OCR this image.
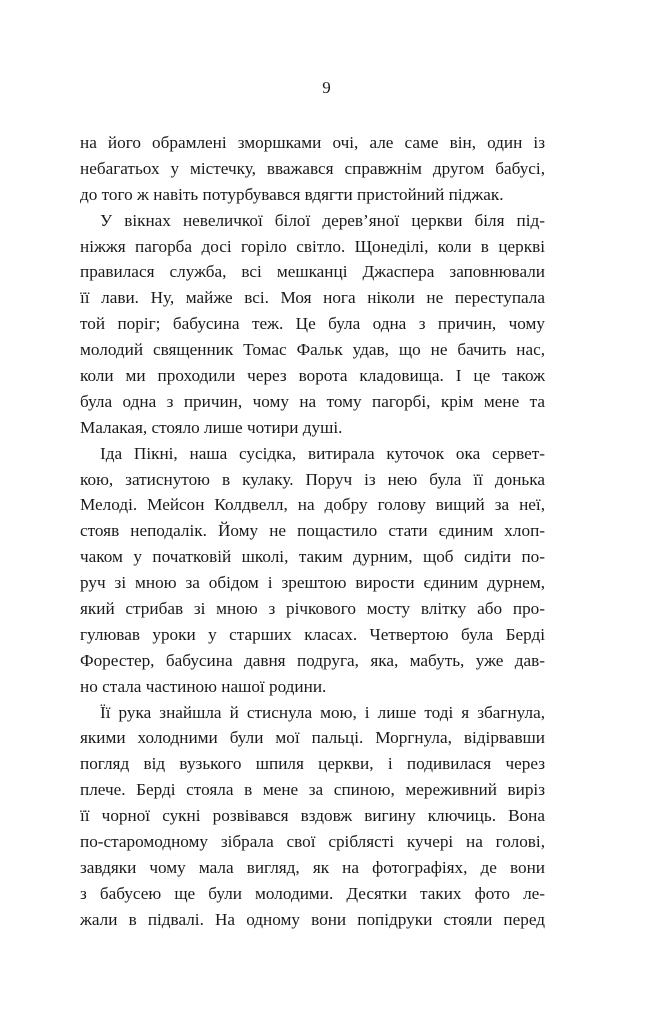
9
на його обрамлені зморшками очі, але саме він, один із
небагатьох у містечку, вважався справжнім другом бабусі,
до того ж навіть потурбувався вдягти пристойний піджак.
У вікнах невеличкої білої дерев’яної церкви біля під-
ніжжя пагорба досі горіло світло. Щонеділі, коли в церкві
правилася служба, всі мешканці Джаспера заповнювали
її лави. Ну, майже всі. Моя нога ніколи не переступала
той поріг; бабусина теж. Це була одна з причин, чому
молодий священник Томас Фальк удав, що не бачить нас,
коли ми проходили через ворота кладовища. І це також
була одна з причин, чому на тому пагорбі, крім мене та
Малакая, стояло лише чотири душі.
Іда Пікні, наша сусідка, витирала куточок ока сервет-
кою, затиснутою в кулаку. Поруч із нею була її донька
Мелоді. Мейсон Колдвелл, на добру голову вищий за неї,
стояв неподалік. Йому не пощастило стати єдиним хлоп-
чаком у початковій школі, таким дурним, щоб сидіти по-
руч зі мною за обідом і зрештою вирости єдиним дурнем,
який стрибав зі мною з річкового мосту влітку або про-
гулював уроки у старших класах. Четвертою була Берді
Форестер, бабусина давня подруга, яка, мабуть, уже дав-
но стала частиною нашої родини.
Її рука знайшла й стиснула мою, і лише тоді я збагнула,
якими холодними були мої пальці. Моргнула, відірвавши
погляд від вузького шпиля церкви, і подивилася через
плече. Берді стояла в мене за спиною, мереживний виріз
її чорної сукні розвівався вздовж вигину ключиць. Вона
по-старомодному зібрала свої сріблясті кучері на голові,
завдяки чому мала вигляд, як на фотографіях, де вони
з бабусею ще були молодими. Десятки таких фото ле-
жали в підвалі. На одному вони попідруки стояли перед
